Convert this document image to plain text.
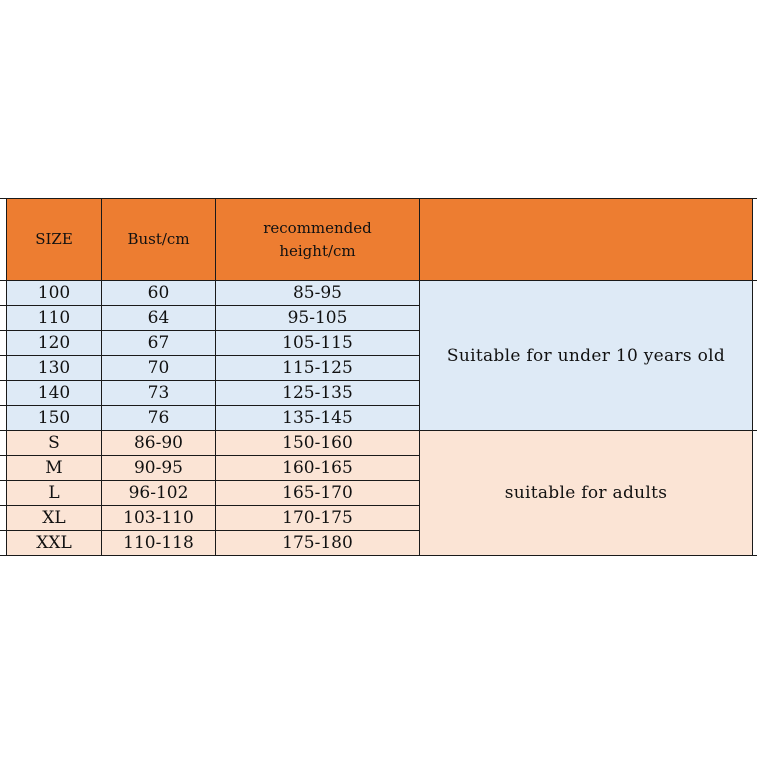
SIZE	Bust/cm	recommended
height/cm	

100	60	85-95	Suitable for under 10 years old
110	64	95-105	
120	67	105-115	
130	70	115-125	
140	73	125-135	
150	76	135-145	
S	86-90	150-160	suitable for adults
M	90-95	160-165	
L	96-102	165-170	
XL	103-110	170-175	
XXL	110-118	175-180	
